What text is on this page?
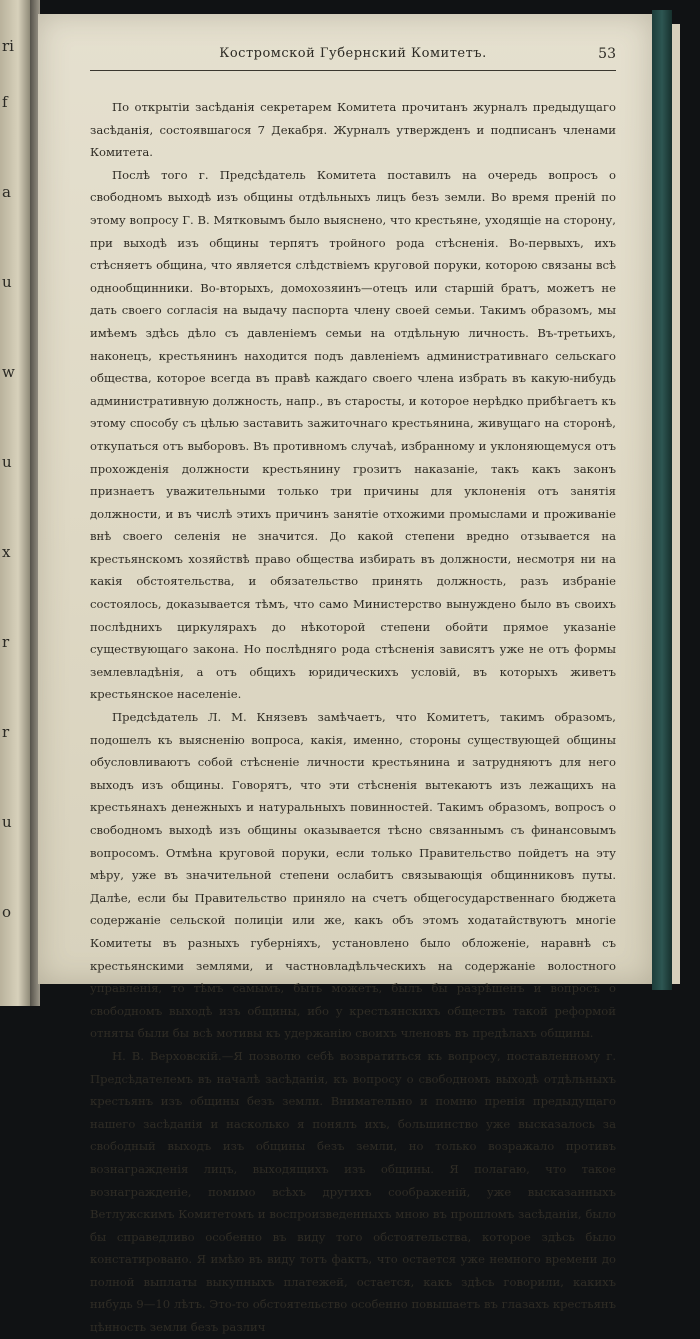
ri
f
a
u
w
u
x
r
r
u
o
Костромской Губернский Комитетъ.	53

По открытіи засѣданія секретарем Комитета прочитанъ журналъ предыдущаго засѣданія, состоявшагося 7 Декабря. Журналъ утвержденъ и подписанъ членами Комитета.

Послѣ того г. Предсѣдатель Комитета поставилъ на очередь вопросъ о свободномъ выходѣ изъ общины отдѣльныхъ лицъ безъ земли. Во время преній по этому вопросу Г. В. Мятковымъ было выяснено, что крестьяне, уходящіе на сторону, при выходѣ изъ общины терпятъ тройного рода стѣсненія. Во-первыхъ, ихъ стѣсняетъ община, что является слѣдствіемъ круговой поруки, которою связаны всѣ однообщинники. Во-вторыхъ, домохозяинъ—отецъ или старшій братъ, можетъ не дать своего согласія на выдачу паспорта члену своей семьи. Такимъ образомъ, мы имѣемъ здѣсь дѣло съ давленіемъ семьи на отдѣльную личность. Въ-третьихъ, наконецъ, крестьянинъ находится подъ давленіемъ административнаго сельскаго общества, которое всегда въ правѣ каждаго своего члена избрать въ какую-нибудь административную должность, напр., въ старосты, и которое нерѣдко прибѣгаетъ къ этому способу съ цѣлью заставить зажиточнаго крестьянина, живущаго на сторонѣ, откупаться отъ выборовъ. Въ противномъ случаѣ, избранному и уклоняющемуся отъ прохожденія должности крестьянину грозитъ наказаніе, такъ какъ законъ признаетъ уважительными только три причины для уклоненія отъ занятія должности, и въ числѣ этихъ причинъ занятіе отхожими промыслами и проживаніе внѣ своего селенія не значится. До какой степени вредно отзывается на крестьянскомъ хозяйствѣ право общества избирать въ должности, несмотря ни на какія обстоятельства, и обязательство принять должность, разъ избраніе состоялось, доказывается тѣмъ, что само Министерство вынуждено было въ своихъ послѣднихъ циркулярахъ до нѣкоторой степени обойти прямое указаніе существующаго закона. Но послѣдняго рода стѣсненія зависятъ уже не отъ формы землевладѣнія, а отъ общихъ юридическихъ условій, въ которыхъ живетъ крестьянское населеніе.

Предсѣдатель Л. М. Князевъ замѣчаетъ, что Комитетъ, такимъ образомъ, подошелъ къ выясненію вопроса, какія, именно, стороны существующей общины обусловливаютъ собой стѣсненіе личности крестьянина и затрудняютъ для него выходъ изъ общины. Говорятъ, что эти стѣсненія вытекаютъ изъ лежащихъ на крестьянахъ денежныхъ и натуральныхъ повинностей. Такимъ образомъ, вопросъ о свободномъ выходѣ изъ общины оказывается тѣсно связаннымъ съ финансовымъ вопросомъ. Отмѣна круговой поруки, если только Правительство пойдетъ на эту мѣру, уже въ значительной степени ослабитъ связывающія общинниковъ путы. Далѣе, если бы Правительство приняло на счетъ общегосударственнаго бюджета содержаніе сельской полиціи или же, какъ объ этомъ ходатайствуютъ многіе Комитеты въ разныхъ губерніяхъ, установлено было обложеніе, наравнѣ съ крестьянскими землями, и частновладѣльческихъ на содержаніе волостного управленія, то тѣмъ самымъ, быть можетъ, былъ бы разрѣшенъ и вопросъ о свободномъ выходѣ изъ общины, ибо у крестьянскихъ обществъ такой реформой отняты были бы всѣ мотивы къ удержанію своихъ членовъ въ предѣлахъ общины.

Н. В. Верховскій.—Я позволю себѣ возвратиться къ вопросу, поставленному г. Предсѣдателемъ въ началѣ засѣданія, къ вопросу о свободномъ выходѣ отдѣльныхъ крестьянъ изъ общины безъ земли. Внимательно и помню пренія предыдущаго нашего засѣданія и насколько я понялъ ихъ, большинство уже высказалось за свободный выходъ изъ общины безъ земли, но только возражало противъ вознагражденія лицъ, выходящихъ изъ общины. Я полагаю, что такое вознагражденіе, помимо всѣхъ другихъ соображеній, уже высказанныхъ Ветлужскимъ Комитетомъ и воспроизведенныхъ мною въ прошломъ засѣданіи, было бы справедливо особенно въ виду того обстоятельства, которое здѣсь было констатировано. Я имѣю въ виду тотъ фактъ, что остается уже немного времени до полной выплаты выкупныхъ платежей, остается, какъ здѣсь говорили, какихъ нибудь 9—10 лѣтъ. Это-то обстоятельство особенно повышаетъ въ глазахъ крестьянъ цѣнность земли безъ различ
